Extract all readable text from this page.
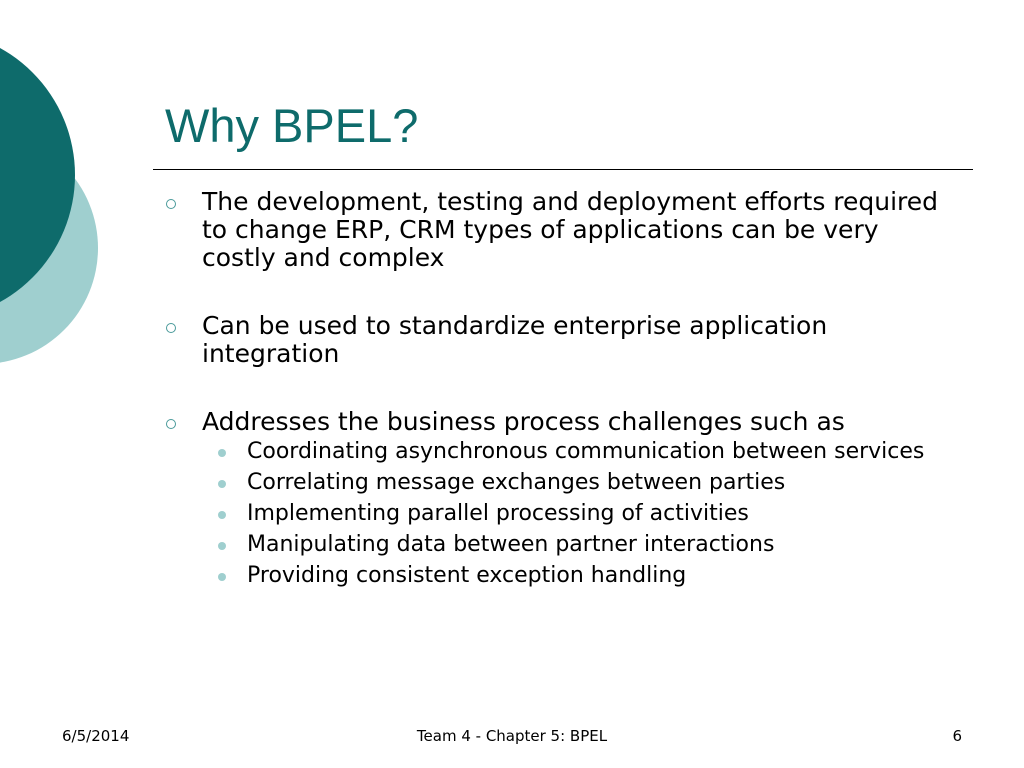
Why BPEL?
The development, testing and deployment efforts required to change ERP, CRM types of applications can be very costly and complex
Can be used to standardize enterprise application integration
Addresses the business process challenges such as
Coordinating asynchronous communication between services
Correlating message exchanges between parties
Implementing parallel processing of activities
Manipulating data between partner interactions
Providing consistent exception handling
6/5/2014	Team 4 - Chapter 5: BPEL	6
